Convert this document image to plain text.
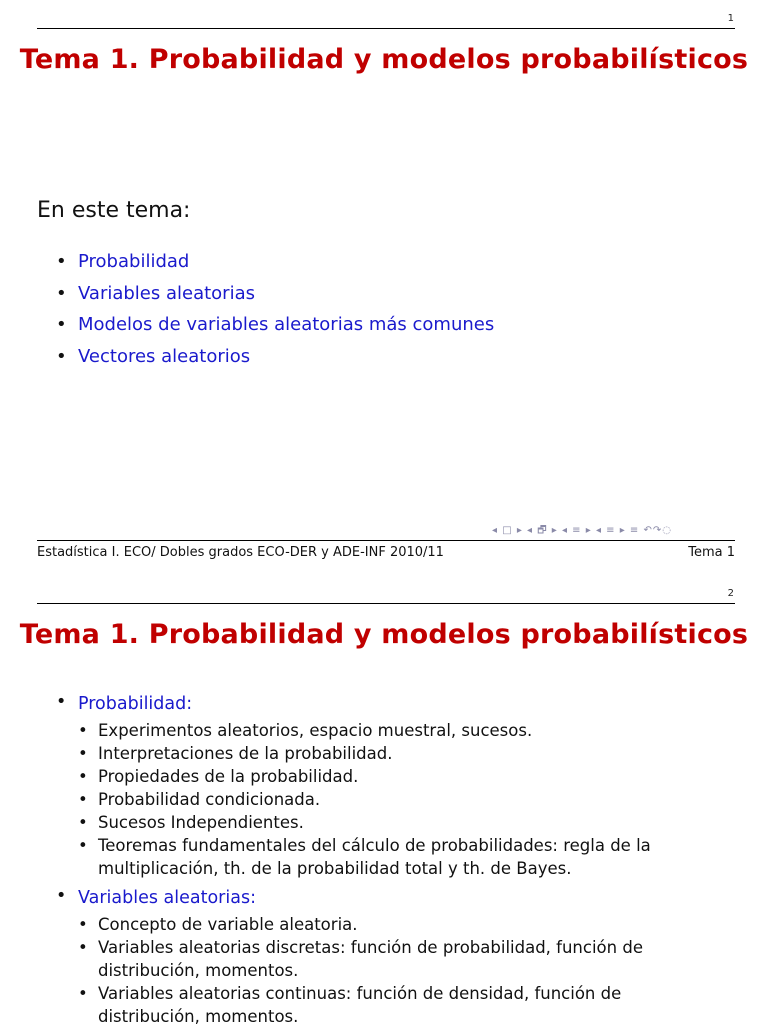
1
Tema 1. Probabilidad y modelos probabilísticos
En este tema:
• Probabilidad
• Variables aleatorias
• Modelos de variables aleatorias más comunes
• Vectores aleatorios
◂ □ ▸ ◂ 🗗 ▸ ◂ ≡ ▸ ◂ ≡ ▸ ≡ ↶↷◌
Estadística I. ECO/ Dobles grados ECO-DER y ADE-INF 2010/11	Tema 1
2
Tema 1. Probabilidad y modelos probabilísticos
• Probabilidad:
• Experimentos aleatorios, espacio muestral, sucesos.
• Interpretaciones de la probabilidad.
• Propiedades de la probabilidad.
• Probabilidad condicionada.
• Sucesos Independientes.
• Teoremas fundamentales del cálculo de probabilidades: regla de la multiplicación, th. de la probabilidad total y th. de Bayes.
• Variables aleatorias:
• Concepto de variable aleatoria.
• Variables aleatorias discretas: función de probabilidad, función de distribución, momentos.
• Variables aleatorias continuas: función de densidad, función de distribución, momentos.
